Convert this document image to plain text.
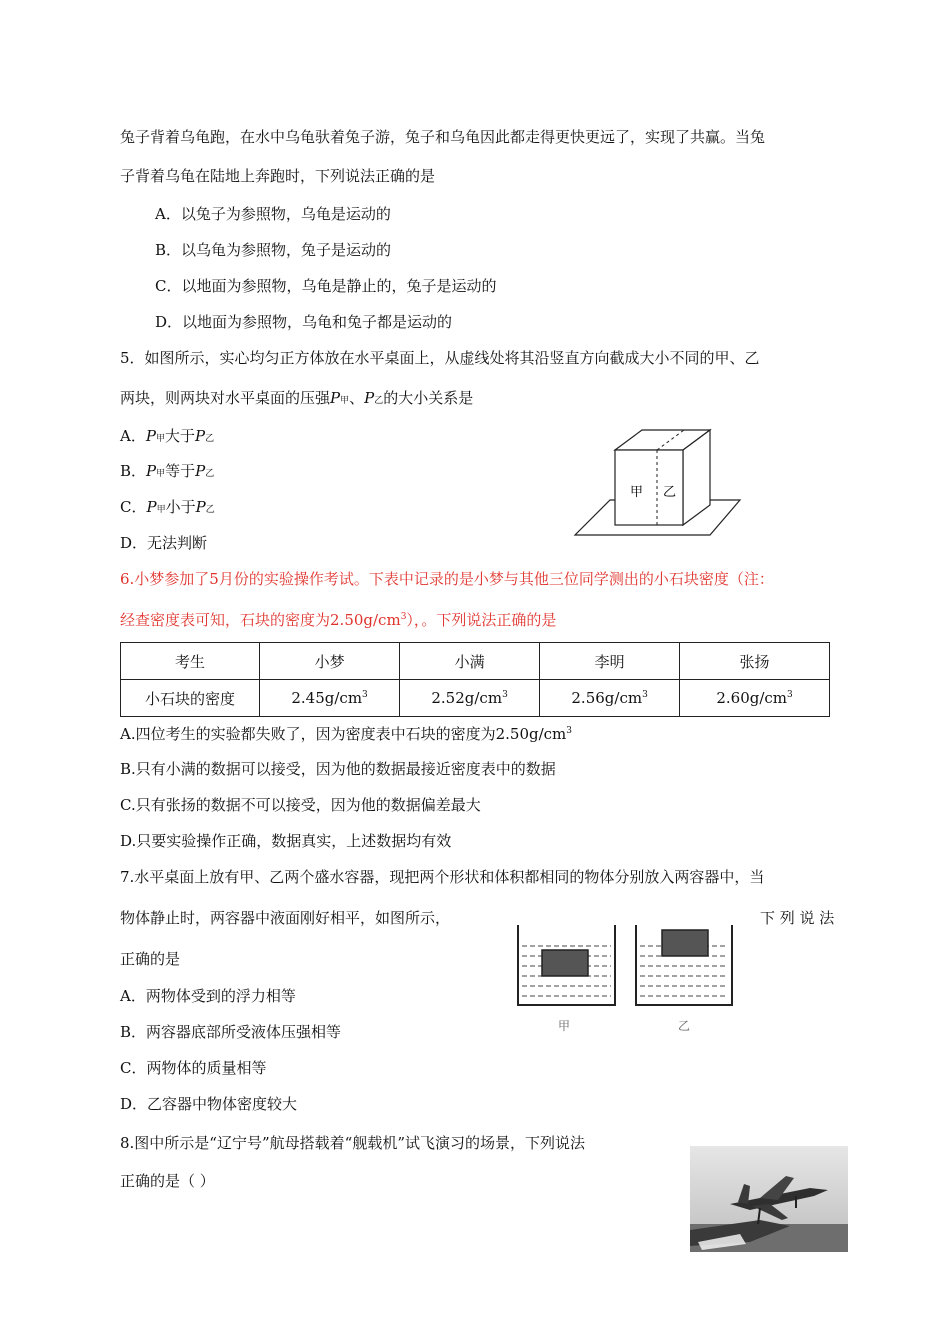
兔子背着乌龟跑，在水中乌龟驮着兔子游，兔子和乌龟因此都走得更快更远了，实现了共赢。当兔
子背着乌龟在陆地上奔跑时，下列说法正确的是
A．以兔子为参照物，乌龟是运动的
B．以乌龟为参照物，兔子是运动的
C．以地面为参照物，乌龟是静止的，兔子是运动的
D．以地面为参照物，乌龟和兔子都是运动的
5．如图所示，实心均匀正方体放在水平桌面上，从虚线处将其沿竖直方向截成大小不同的甲、乙
两块，则两块对水平桌面的压强P甲、P乙的大小关系是
A．P甲大于P乙
B．P甲等于P乙
C．P甲小于P乙
D．无法判断
甲 乙
6.小梦参加了5月份的实验操作考试。下表中记录的是小梦与其他三位同学测出的小石块密度（注：
经查密度表可知，石块的密度为$2.50g/cm^3$），。下列说法正确的是
考生	小梦	小满	李明	张扬
小石块的密度	$2.45g/cm^3$	$2.52g/cm^3$	$2.56g/cm^3$	$2.60g/cm^3$
A.四位考生的实验都失败了，因为密度表中石块的密度为$2.50g/cm^3$
B.只有小满的数据可以接受，因为他的数据最接近密度表中的数据
C.只有张扬的数据不可以接受，因为他的数据偏差最大
D.只要实验操作正确，数据真实，上述数据均有效
7.水平桌面上放有甲、乙两个盛水容器，现把两个形状和体积都相同的物体分别放入两容器中，当
物体静止时，两容器中液面刚好相平，如图所示，	下 列 说 法
正确的是
A．两物体受到的浮力相等
B．两容器底部所受液体压强相等
C．两物体的质量相等
D．乙容器中物体密度较大
甲	乙
8.图中所示是“辽宁号”航母搭载着“舰载机”试飞演习的场景，下列说法
正确的是（ ）
